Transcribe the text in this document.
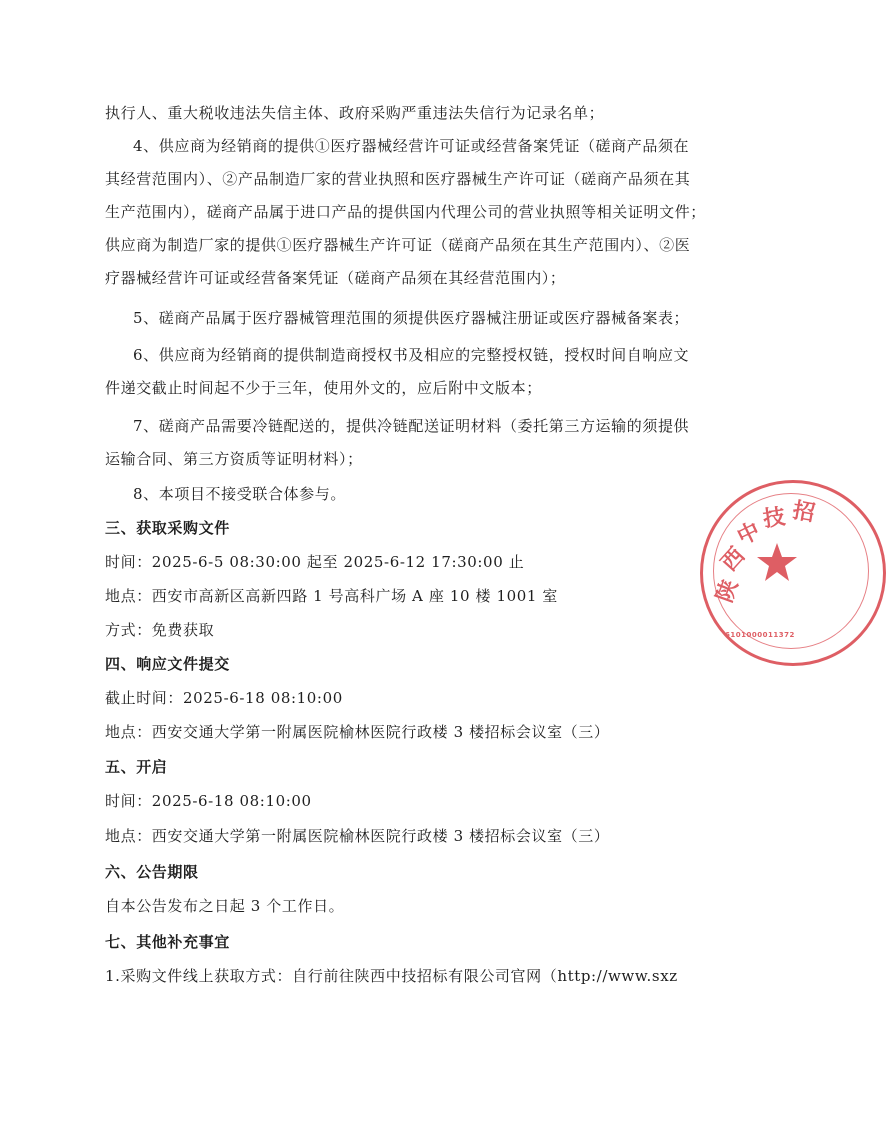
执行人、重大税收违法失信主体、政府采购严重违法失信行为记录名单；
4、供应商为经销商的提供①医疗器械经营许可证或经营备案凭证（磋商产品须在
其经营范围内）、②产品制造厂家的营业执照和医疗器械生产许可证（磋商产品须在其
生产范围内），磋商产品属于进口产品的提供国内代理公司的营业执照等相关证明文件；
供应商为制造厂家的提供①医疗器械生产许可证（磋商产品须在其生产范围内）、②医
疗器械经营许可证或经营备案凭证（磋商产品须在其经营范围内）；
5、磋商产品属于医疗器械管理范围的须提供医疗器械注册证或医疗器械备案表；
6、供应商为经销商的提供制造商授权书及相应的完整授权链，授权时间自响应文
件递交截止时间起不少于三年，使用外文的，应后附中文版本；
7、磋商产品需要冷链配送的，提供冷链配送证明材料（委托第三方运输的须提供
运输合同、第三方资质等证明材料）；
8、本项目不接受联合体参与。
三、获取采购文件
时间：2025-6-5 08:30:00 起至 2025-6-12 17:30:00 止
地点：西安市高新区高新四路 1 号高科广场 A 座 10 楼 1001 室
方式：免费获取
四、响应文件提交
截止时间：2025-6-18 08:10:00
地点：西安交通大学第一附属医院榆林医院行政楼 3 楼招标会议室（三）
五、开启
时间：2025-6-18 08:10:00
地点：西安交通大学第一附属医院榆林医院行政楼 3 楼招标会议室（三）
六、公告期限
自本公告发布之日起 3 个工作日。
七、其他补充事宜
1.采购文件线上获取方式：自行前往陕西中技招标有限公司官网（http://www.sxz
陕
西
中
技 招
6101000011372
